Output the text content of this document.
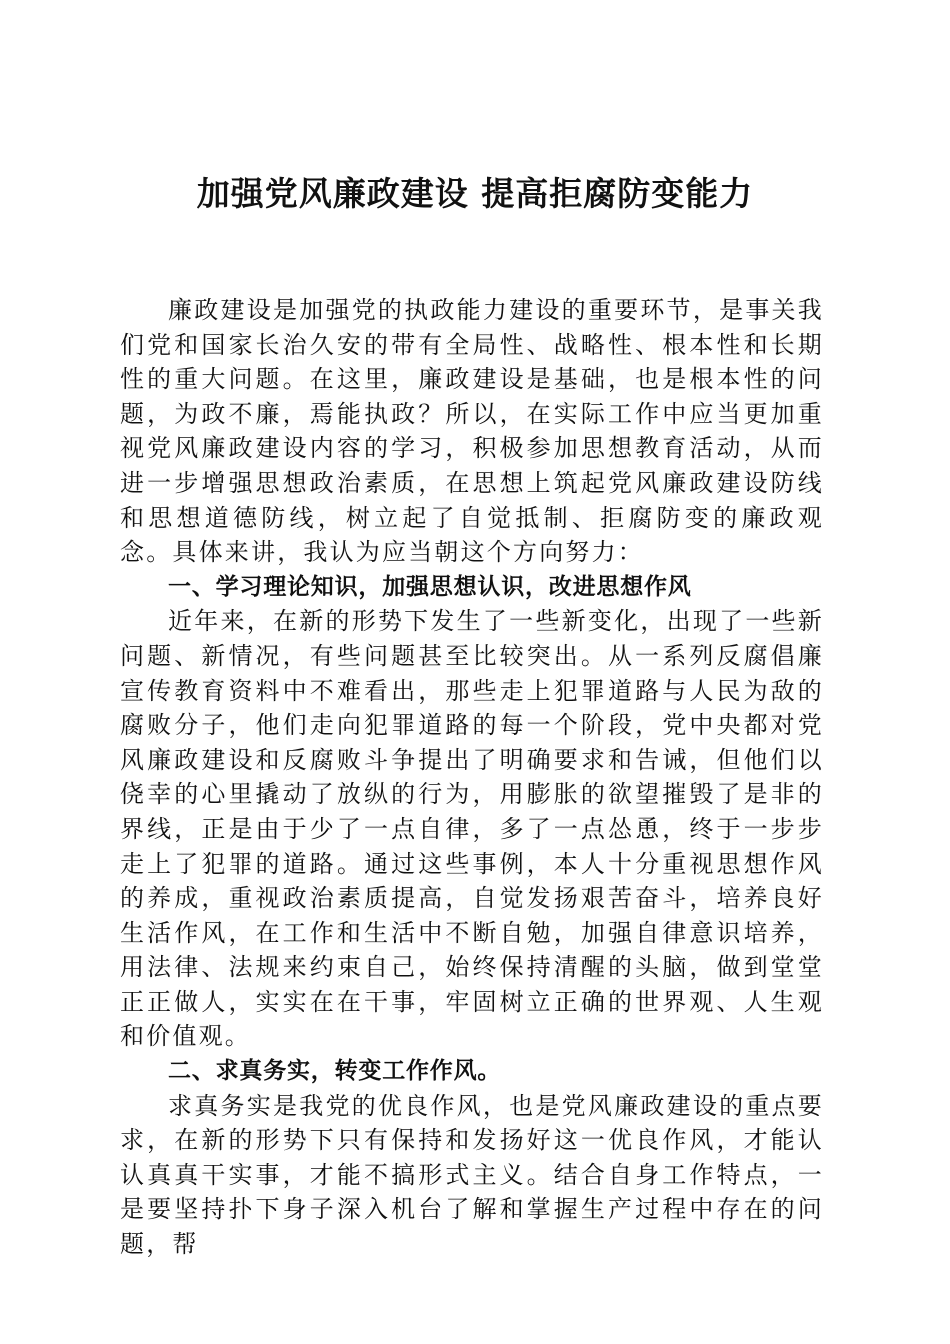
加强党风廉政建设 提高拒腐防变能力

廉政建设是加强党的执政能力建设的重要环节，是事关我们党和国家长治久安的带有全局性、战略性、根本性和长期性的重大问题。在这里，廉政建设是基础，也是根本性的问题，为政不廉，焉能执政？所以，在实际工作中应当更加重视党风廉政建设内容的学习，积极参加思想教育活动，从而进一步增强思想政治素质，在思想上筑起党风廉政建设防线和思想道德防线，树立起了自觉抵制、拒腐防变的廉政观念。具体来讲，我认为应当朝这个方向努力：

一、学习理论知识，加强思想认识，改进思想作风

近年来，在新的形势下发生了一些新变化，出现了一些新问题、新情况，有些问题甚至比较突出。从一系列反腐倡廉宣传教育资料中不难看出，那些走上犯罪道路与人民为敌的腐败分子，他们走向犯罪道路的每一个阶段，党中央都对党风廉政建设和反腐败斗争提出了明确要求和告诫，但他们以侥幸的心里撬动了放纵的行为，用膨胀的欲望摧毁了是非的界线，正是由于少了一点自律，多了一点怂恿，终于一步步走上了犯罪的道路。通过这些事例，本人十分重视思想作风的养成，重视政治素质提高，自觉发扬艰苦奋斗，培养良好生活作风，在工作和生活中不断自勉，加强自律意识培养，用法律、法规来约束自己，始终保持清醒的头脑，做到堂堂正正做人，实实在在干事，牢固树立正确的世界观、人生观和价值观。

二、求真务实，转变工作作风。

求真务实是我党的优良作风，也是党风廉政建设的重点要求，在新的形势下只有保持和发扬好这一优良作风，才能认认真真干实事，才能不搞形式主义。结合自身工作特点，一是要坚持扑下身子深入机台了解和掌握生产过程中存在的问题，帮
